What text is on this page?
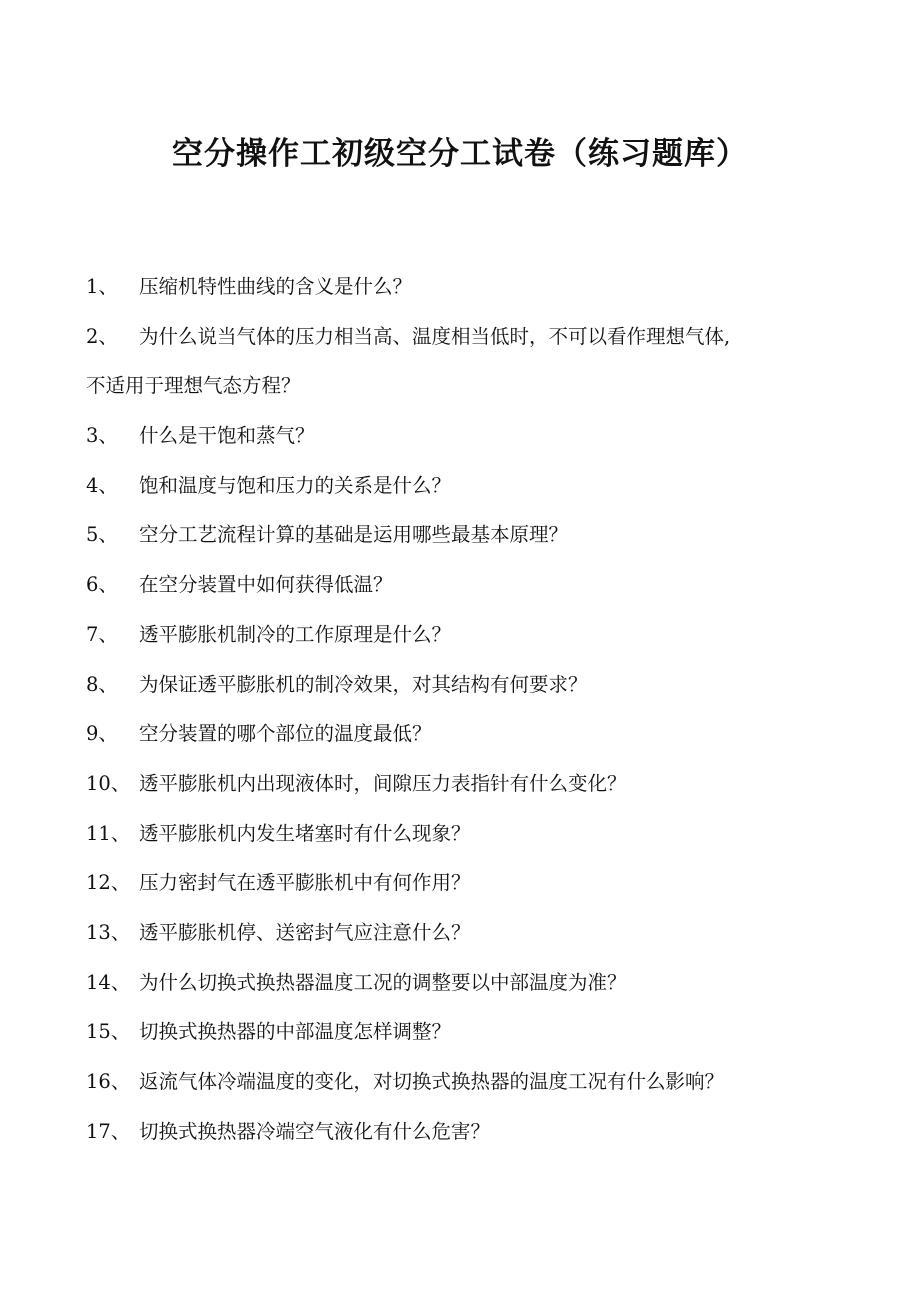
空分操作工初级空分工试卷（练习题库）
1、 压缩机特性曲线的含义是什么？
2、 为什么说当气体的压力相当高、温度相当低时，不可以看作理想气体,
不适用于理想气态方程？
3、 什么是干饱和蒸气？
4、 饱和温度与饱和压力的关系是什么？
5、 空分工艺流程计算的基础是运用哪些最基本原理？
6、 在空分装置中如何获得低温？
7、 透平膨胀机制冷的工作原理是什么？
8、 为保证透平膨胀机的制冷效果，对其结构有何要求？
9、 空分装置的哪个部位的温度最低？
10、 透平膨胀机内出现液体时，间隙压力表指针有什么变化？
11、 透平膨胀机内发生堵塞时有什么现象？
12、 压力密封气在透平膨胀机中有何作用？
13、 透平膨胀机停、送密封气应注意什么？
14、 为什么切换式换热器温度工况的调整要以中部温度为准？
15、 切换式换热器的中部温度怎样调整？
16、 返流气体冷端温度的变化，对切换式换热器的温度工况有什么影响？
17、 切换式换热器冷端空气液化有什么危害？
